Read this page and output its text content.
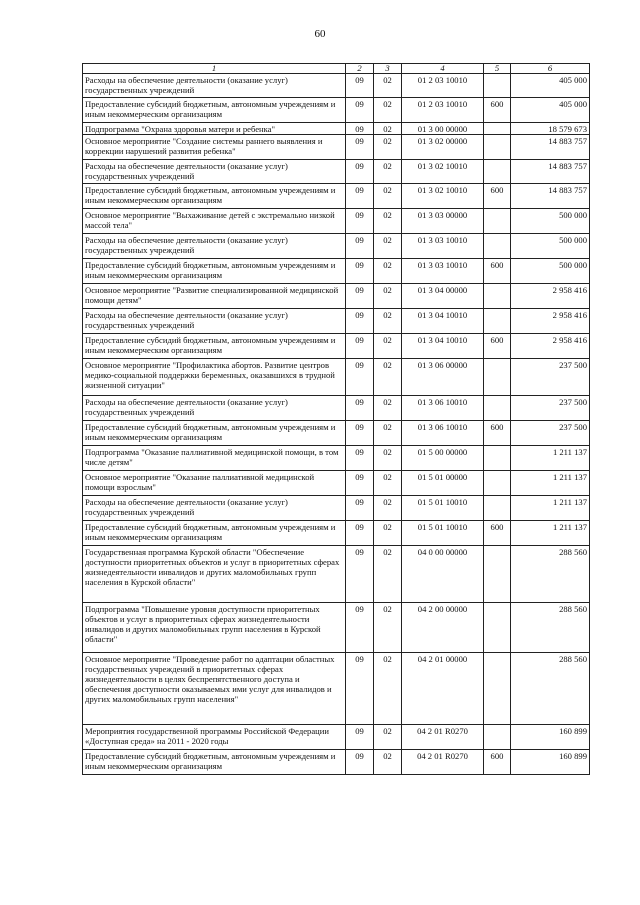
60
1	2	3	4	5	6
Расходы на обеспечение деятельности (оказание услуг) государственных учреждений	09	02	01 2 03 10010		405 000
Предоставление субсидий бюджетным, автономным учреждениям и иным некоммерческим организациям	09	02	01 2 03 10010	600	405 000
Подпрограмма "Охрана здоровья матери и ребенка"	09	02	01 3 00 00000		18 579 673
Основное мероприятие "Создание системы раннего выявления и коррекции нарушений развития ребенка"	09	02	01 3 02 00000		14 883 757
Расходы на обеспечение деятельности (оказание услуг) государственных учреждений	09	02	01 3 02 10010		14 883 757
Предоставление субсидий бюджетным, автономным учреждениям и иным некоммерческим организациям	09	02	01 3 02 10010	600	14 883 757
Основное мероприятие "Выхаживание детей с экстремально низкой массой тела"	09	02	01 3 03 00000		500 000
Расходы на обеспечение деятельности (оказание услуг) государственных учреждений	09	02	01 3 03 10010		500 000
Предоставление субсидий бюджетным, автономным учреждениям и иным некоммерческим организациям	09	02	01 3 03 10010	600	500 000
Основное мероприятие "Развитие специализированной медицинской помощи детям"	09	02	01 3 04 00000		2 958 416
Расходы на обеспечение деятельности (оказание услуг) государственных учреждений	09	02	01 3 04 10010		2 958 416
Предоставление субсидий бюджетным, автономным учреждениям и иным некоммерческим организациям	09	02	01 3 04 10010	600	2 958 416
Основное мероприятие "Профилактика абортов. Развитие центров медико-социальной поддержки беременных, оказавшихся в трудной жизненной ситуации"	09	02	01 3 06 00000		237 500
Расходы на обеспечение деятельности (оказание услуг) государственных учреждений	09	02	01 3 06 10010		237 500
Предоставление субсидий бюджетным, автономным учреждениям и иным некоммерческим организациям	09	02	01 3 06 10010	600	237 500
Подпрограмма "Оказание паллиативной медицинской помощи, в том числе детям"	09	02	01 5 00 00000		1 211 137
Основное мероприятие "Оказание паллиативной медицинской помощи взрослым"	09	02	01 5 01 00000		1 211 137
Расходы на обеспечение деятельности (оказание услуг) государственных учреждений	09	02	01 5 01 10010		1 211 137
Предоставление субсидий бюджетным, автономным учреждениям и иным некоммерческим организациям	09	02	01 5 01 10010	600	1 211 137
Государственная программа Курской области "Обеспечение доступности приоритетных объектов и услуг в приоритетных сферах жизнедеятельности инвалидов и других маломобильных групп населения в Курской области"	09	02	04 0 00 00000		288 560
Подпрограмма "Повышение уровня доступности приоритетных объектов и услуг в приоритетных сферах жизнедеятельности инвалидов и других маломобильных групп населения в Курской области"	09	02	04 2 00 00000		288 560
Основное мероприятие "Проведение работ по адаптации областных государственных учреждений в приоритетных сферах жизнедеятельности в целях беспрепятственного доступа и обеспечения доступности оказываемых ими услуг для инвалидов и других маломобильных групп населения"	09	02	04 2 01 00000		288 560
Мероприятия государственной программы Российской Федерации «Доступная среда» на 2011 - 2020 годы	09	02	04 2 01 R0270		160 899
Предоставление субсидий бюджетным, автономным учреждениям и иным некоммерческим организациям	09	02	04 2 01 R0270	600	160 899
